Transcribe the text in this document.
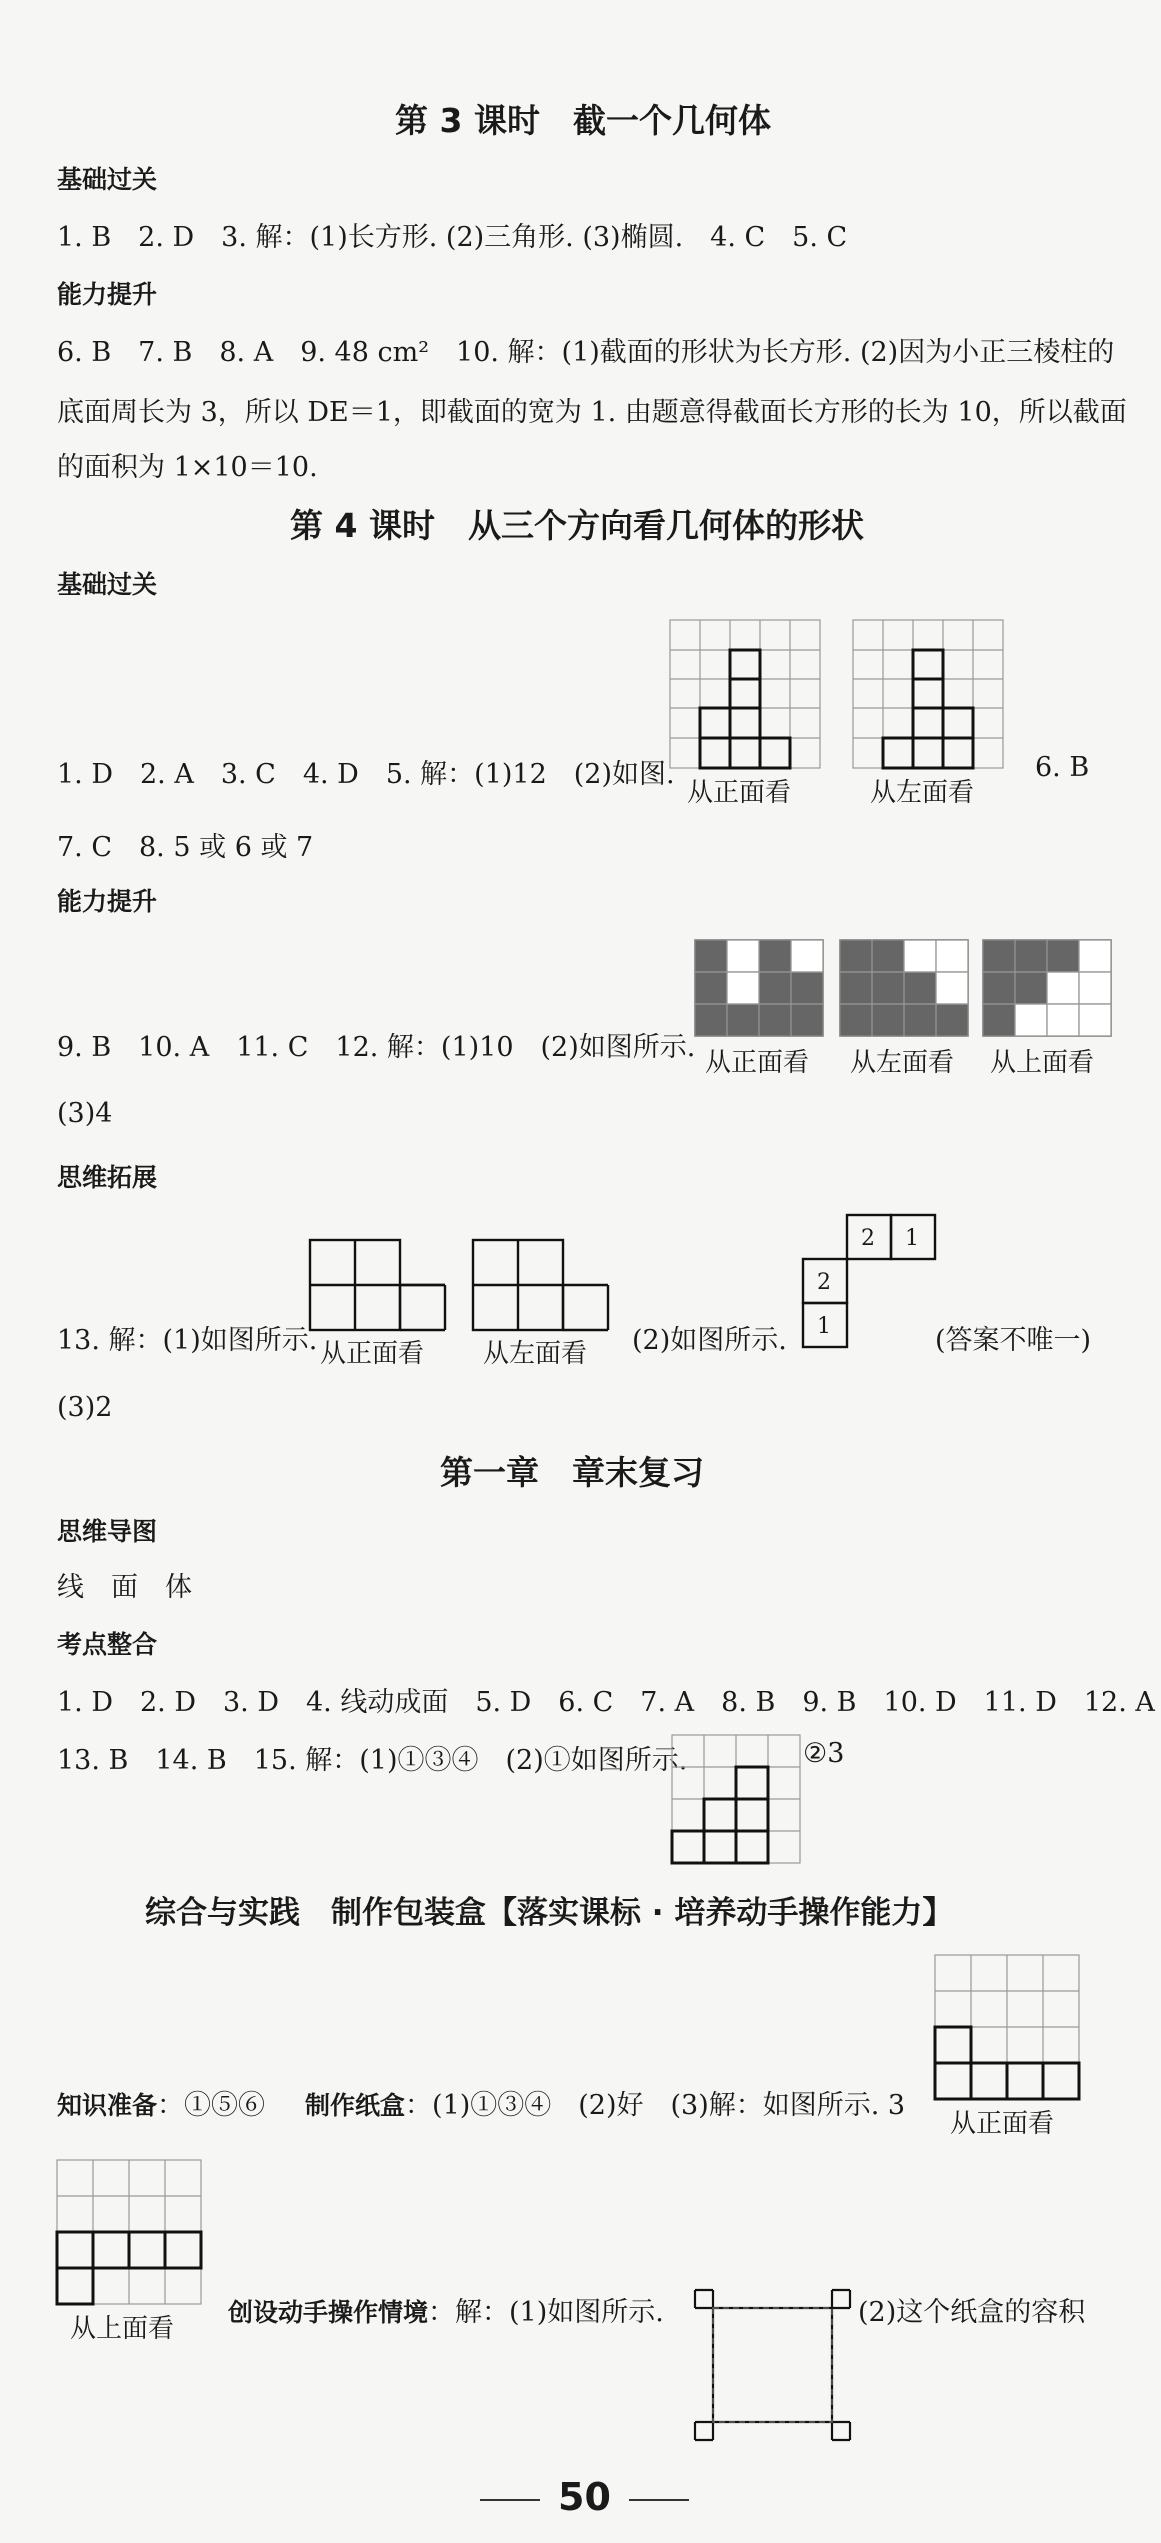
第 3 课时　截一个几何体
基础过关
1. B　2. D　3. 解：(1)长方形. (2)三角形. (3)椭圆.　4. C　5. C
能力提升
6. B　7. B　8. A　9. 48 cm²　10. 解：(1)截面的形状为长方形. (2)因为小正三棱柱的
底面周长为 3，所以 DE＝1，即截面的宽为 1. 由题意得截面长方形的长为 10，所以截面
的面积为 1×10＝10.
第 4 课时　从三个方向看几何体的形状
基础过关
从正面看	从左面看
1. D　2. A　3. C　4. D　5. 解：(1)12　(2)如图.	6. B
7. C　8. 5 或 6 或 7
能力提升
从正面看 从左面看 从上面看
9. B　10. A　11. C　12. 解：(1)10　(2)如图所示.
(3)4
思维拓展
从正面看 从左面看
13. 解：(1)如图所示.	(2)如图所示.
2 1
2
1	(答案不唯一)
(3)2
第一章　章末复习
思维导图
线　面　体
考点整合
1. D　2. D　3. D　4. 线动成面　5. D　6. C　7. A　8. B　9. B　10. D　11. D　12. A
13. B　14. B　15. 解：(1)①③④　(2)①如图所示.	②3
综合与实践　制作包装盒【落实课标 · 培养动手操作能力】
从正面看
知识准备：①⑤⑥ 制作纸盒：(1)①③④　(2)好　(3)解：如图所示. 3
从上面看
创设动手操作情境：解：(1)如图所示.	(2)这个纸盒的容积
50
